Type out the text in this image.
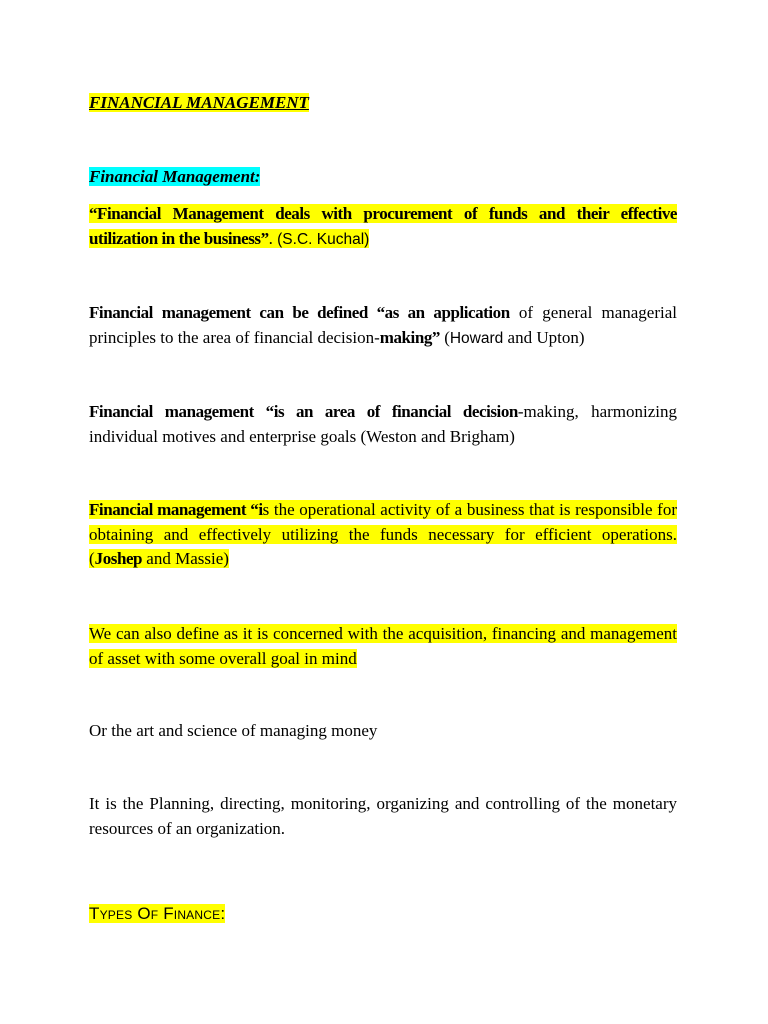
FINANCIAL MANAGEMENT
Financial Management:
“Financial Management deals with procurement of funds and their effective utilization in the business”. (S.C. Kuchal)
Financial management can be defined “as an application of general managerial principles to the area of financial decision-making” (Howard and Upton)
Financial management “is an area of financial decision-making, harmonizing individual motives and enterprise goals (Weston and Brigham)
Financial management “is the operational activity of a business that is responsible for obtaining and effectively utilizing the funds necessary for efficient operations. (Joshep and Massie)
We can also define as it is concerned with the acquisition, financing and management of asset with some overall goal in mind
Or the art and science of managing money
It is the Planning, directing, monitoring, organizing and controlling of the monetary resources of an organization.
Types Of Finance:
